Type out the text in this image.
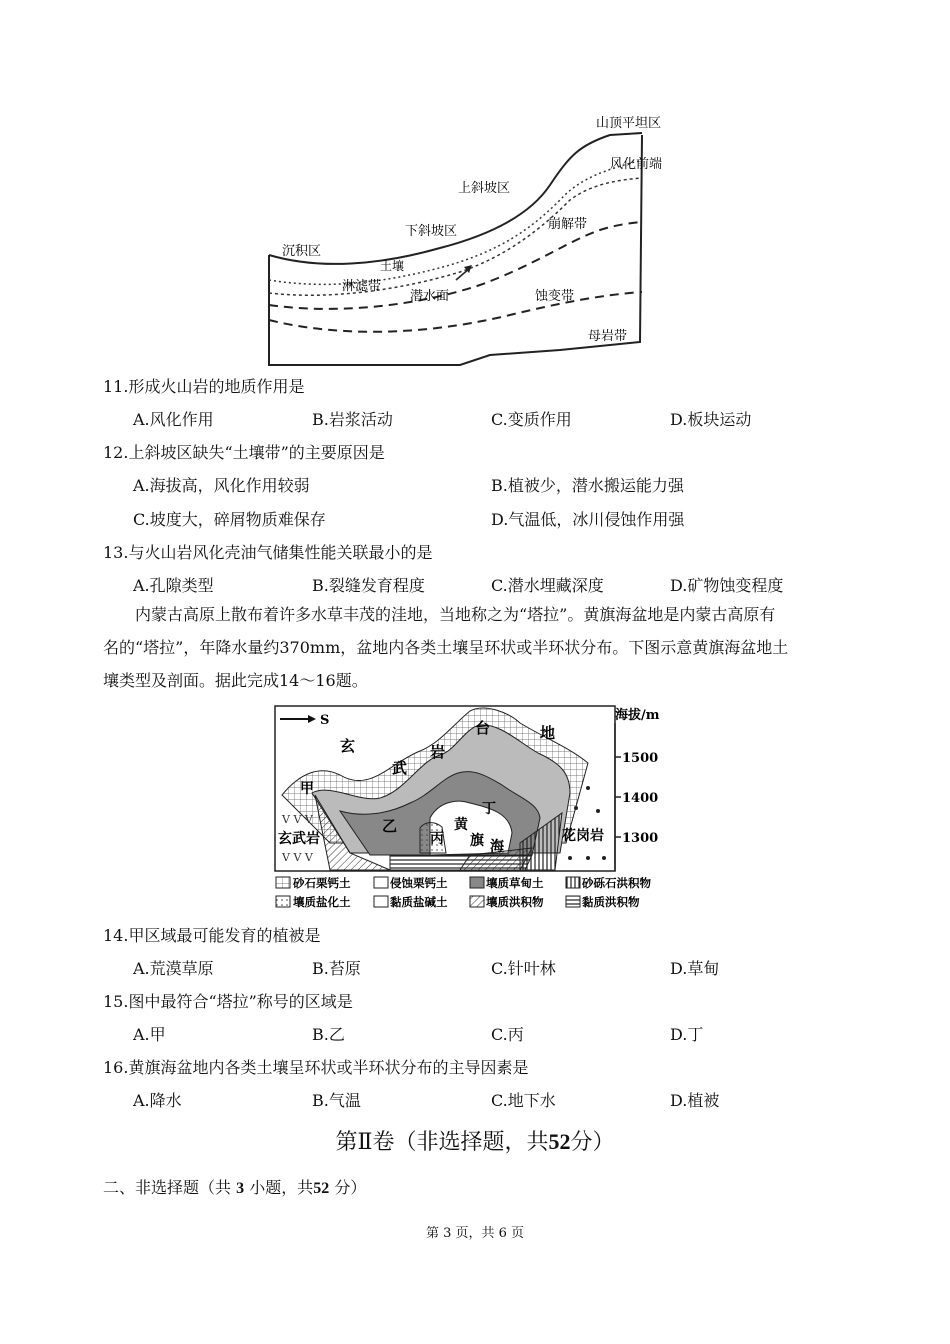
山顶平坦区
风化前端
上斜坡区
下斜坡区
沉积区
崩解带
土壤
淋滤带
潜水面	蚀变带
母岩带
11.形成火山岩的地质作用是
A.风化作用	B.岩浆活动	C.变质作用	D.板块运动
12.上斜坡区缺失“土壤带”的主要原因是
A.海拔高，风化作用较弱	B.植被少，潜水搬运能力强
C.坡度大，碎屑物质难保存	D.气温低，冰川侵蚀作用强
13.与火山岩风化壳油气储集性能关联最小的是
A.孔隙类型	B.裂缝发育程度	C.潜水埋藏深度	D.矿物蚀变程度

内蒙古高原上散布着许多水草丰茂的洼地，当地称之为“塔拉”。黄旗海盆地是内蒙古高原有

名的“塔拉”，年降水量约370mm，盆地内各类土壤呈环状或半环状分布。下图示意黄旗海盆地土

壤类型及剖面。据此完成14～16题。

V V V
V V V
S	台	地
岩
玄
武
甲
乙
丙
丁
黄
旗 海
玄武岩	花岗岩
海拔/m
1500
1400
1300
砂石栗钙土	侵蚀栗钙土	壤质草甸土	砂砾石洪积物
壤质盐化土	黏质盐碱土	壤质洪积物	黏质洪积物
14.甲区域最可能发育的植被是
A.荒漠草原	B.苔原	C.针叶林	D.草甸
15.图中最符合“塔拉”称号的区域是
A.甲	B.乙	C.丙	D.丁
16.黄旗海盆地内各类土壤呈环状或半环状分布的主导因素是
A.降水	B.气温	C.地下水	D.植被
第Ⅱ卷（非选择题，共52分）
二、非选择题（共 3 小题，共52 分）
第 3 页，共 6 页
